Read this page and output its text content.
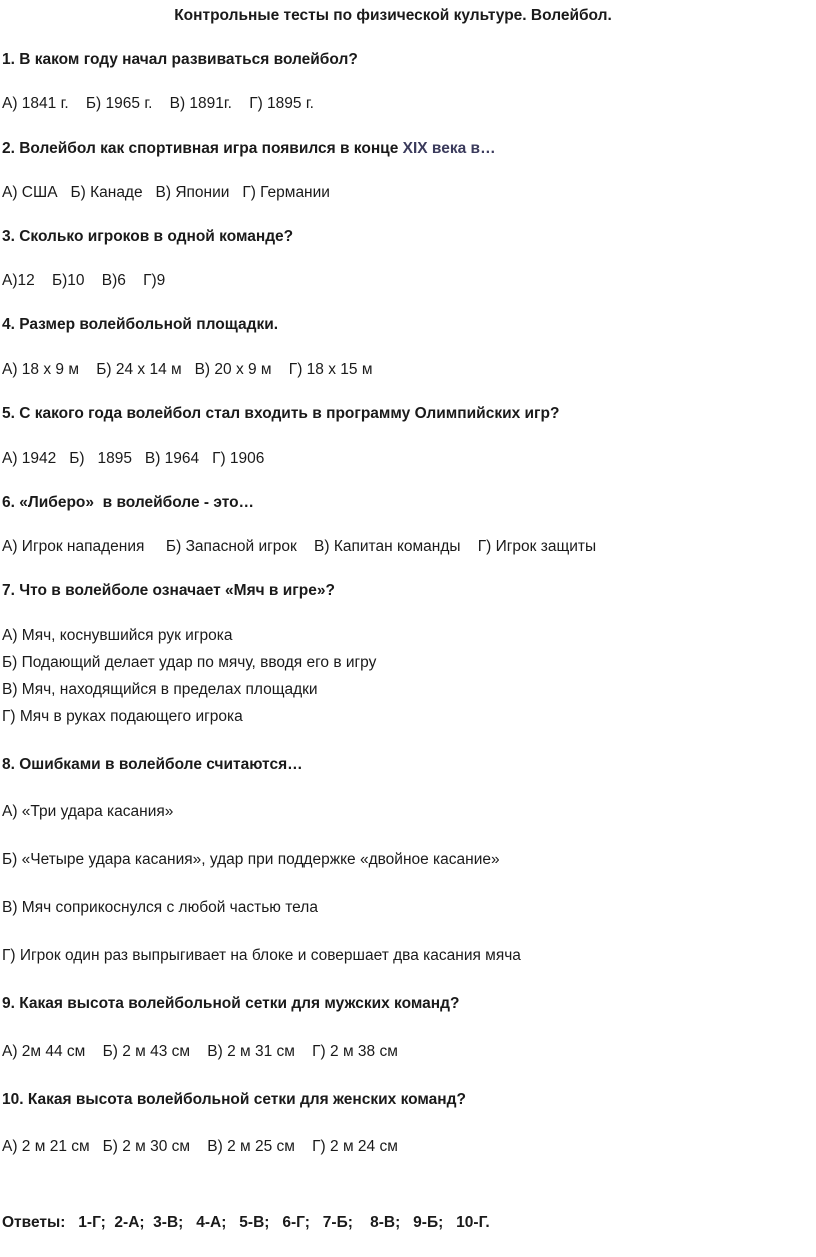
Контрольные тесты по физической культуре. Волейбол.
1. В каком году начал развиваться волейбол?
А) 1841 г.    Б) 1965 г.    В) 1891г.    Г) 1895 г.
2. Волейбол как спортивная игра появился в конце XIX века в…
А) США   Б) Канаде   В) Японии   Г) Германии
3. Сколько игроков в одной команде?
А)12    Б)10    В)6    Г)9
4. Размер волейбольной площадки.
А) 18 х 9 м    Б) 24 х 14 м   В) 20 х 9 м    Г) 18 х 15 м
5. С какого года волейбол стал входить в программу Олимпийских игр?
А) 1942   Б)   1895   В) 1964   Г) 1906
6. «Либеро»  в волейболе - это…
А) Игрок нападения     Б) Запасной игрок    В) Капитан команды    Г) Игрок защиты
7. Что в волейболе означает «Мяч в игре»?
А) Мяч, коснувшийся рук игрока
Б) Подающий делает удар по мячу, вводя его в игру
В) Мяч, находящийся в пределах площадки
Г) Мяч в руках подающего игрока
8. Ошибками в волейболе считаются…
А) «Три удара касания»
Б) «Четыре удара касания», удар при поддержке «двойное касание»
В) Мяч соприкоснулся с любой частью тела
Г) Игрок один раз выпрыгивает на блоке и совершает два касания мяча
9. Какая высота волейбольной сетки для мужских команд?
А) 2м 44 см    Б) 2 м 43 см    В) 2 м 31 см    Г) 2 м 38 см
10. Какая высота волейбольной сетки для женских команд?
А) 2 м 21 см   Б) 2 м 30 см    В) 2 м 25 см    Г) 2 м 24 см
Ответы:   1-Г;  2-А;  3-В;   4-А;   5-В;   6-Г;   7-Б;    8-В;   9-Б;   10-Г.
